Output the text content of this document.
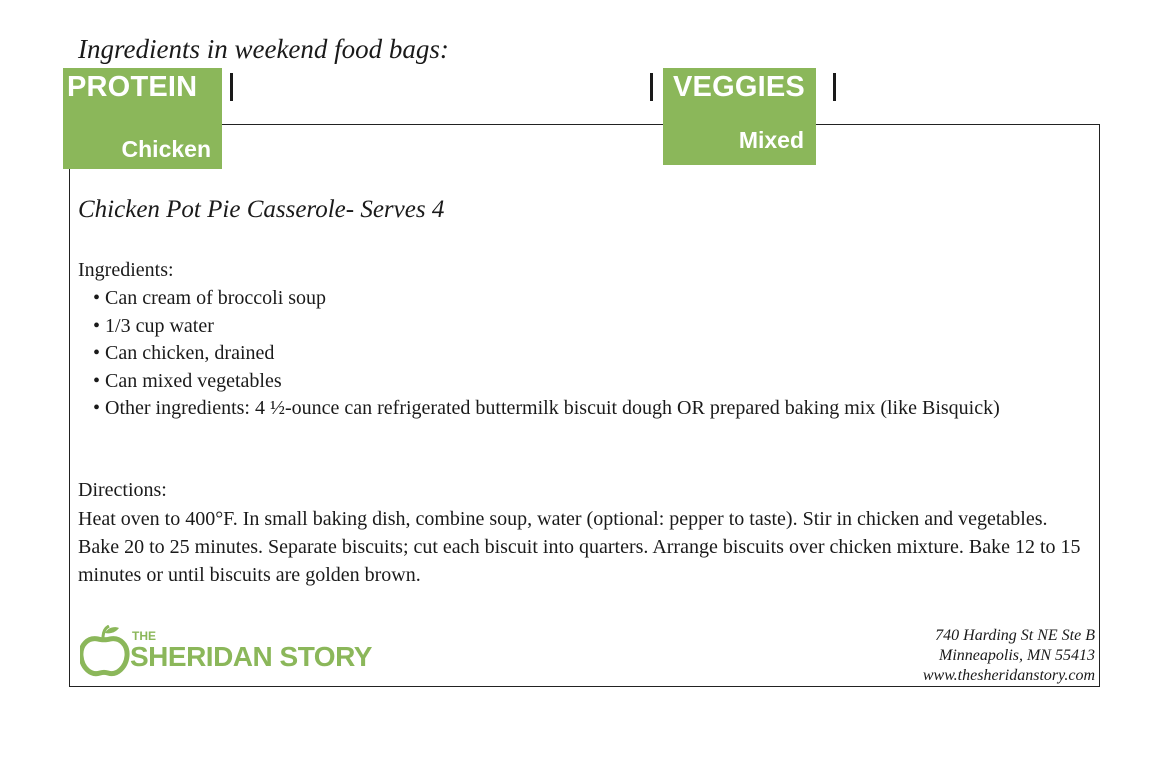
Ingredients in weekend food bags:
PROTEIN
Chicken
VEGGIES
Mixed
Chicken Pot Pie Casserole- Serves 4
Ingredients:
• Can cream of broccoli soup
• 1/3 cup water
• Can chicken, drained
• Can mixed vegetables
• Other ingredients: 4 ½-ounce can refrigerated buttermilk biscuit dough OR prepared baking mix (like Bisquick)
Directions:

Heat oven to 400°F. In small baking dish, combine soup, water (optional: pepper to taste). Stir in chicken and vegetables. Bake 20 to 25 minutes. Separate biscuits; cut each biscuit into quarters. Arrange biscuits over chicken mixture. Bake 12 to 15 minutes or until biscuits are golden brown.

THE
SHERIDAN STORY
740 Harding St NE Ste B
Minneapolis, MN 55413
www.thesheridanstory.com
